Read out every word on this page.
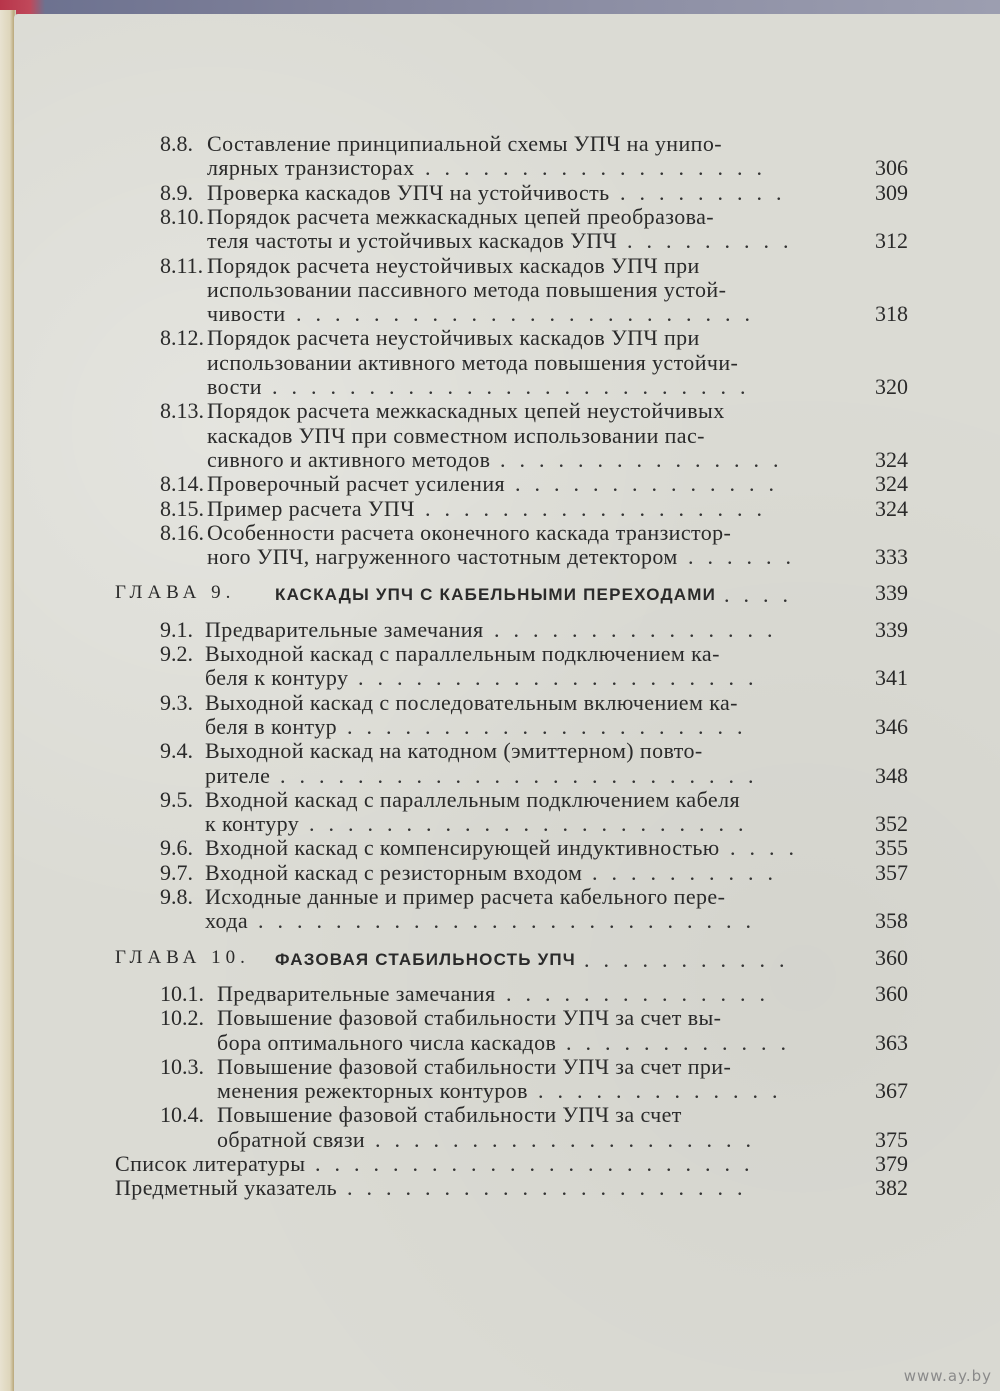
8.8. Составление принципиальной схемы УПЧ на унипо-
лярных транзисторах ..................	306
8.9. Проверка каскадов УПЧ на устойчивость .........	309
8.10. Порядок расчета межкаскадных цепей преобразова-
теля частоты и устойчивых каскадов УПЧ .........	312
8.11. Порядок расчета неустойчивых каскадов УПЧ при
использовании пассивного метода повышения устой-
чивости ........................	318
8.12. Порядок расчета неустойчивых каскадов УПЧ при
использовании активного метода повышения устойчи-
вости .........................	320
8.13. Порядок расчета межкаскадных цепей неустойчивых
каскадов УПЧ при совместном использовании пас-
сивного и активного методов ...............	324
8.14. Проверочный расчет усиления ..............	324
8.15. Пример расчета УПЧ ..................	324
8.16. Особенности расчета оконечного каскада транзистор-
ного УПЧ, нагруженного частотным детектором ......	333
ГЛАВА 9. КАСКАДЫ УПЧ С КАБЕЛЬНЫМИ ПЕРЕХОДАМИ	339
....
9.1. Предварительные замечания ...............	339
9.2. Выходной каскад с параллельным подключением ка-
беля к контуру .....................	341
9.3. Выходной каскад с последовательным включением ка-
беля в контур .....................	346
9.4. Выходной каскад на катодном (эмиттерном) повто-
рителе .........................	348
9.5. Входной каскад с параллельным подключением кабеля
к контуру .......................	352
9.6. Входной каскад с компенсирующей индуктивностью ....	355
9.7. Входной каскад с резисторным входом ..........	357
9.8. Исходные данные и пример расчета кабельного пере-
хода ..........................	358
ГЛАВА 10. ФАЗОВАЯ СТАБИЛЬНОСТЬ УПЧ	360
...........
10.1. Предварительные замечания ..............	360
10.2. Повышение фазовой стабильности УПЧ за счет вы-
бора оптимального числа каскадов ............	363
10.3. Повышение фазовой стабильности УПЧ за счет при-
менения режекторных контуров .............	367
10.4. Повышение фазовой стабильности УПЧ за счет
обратной связи ....................	375
Список литературы .......................	379
Предметный указатель .....................	382
www.ay.by
